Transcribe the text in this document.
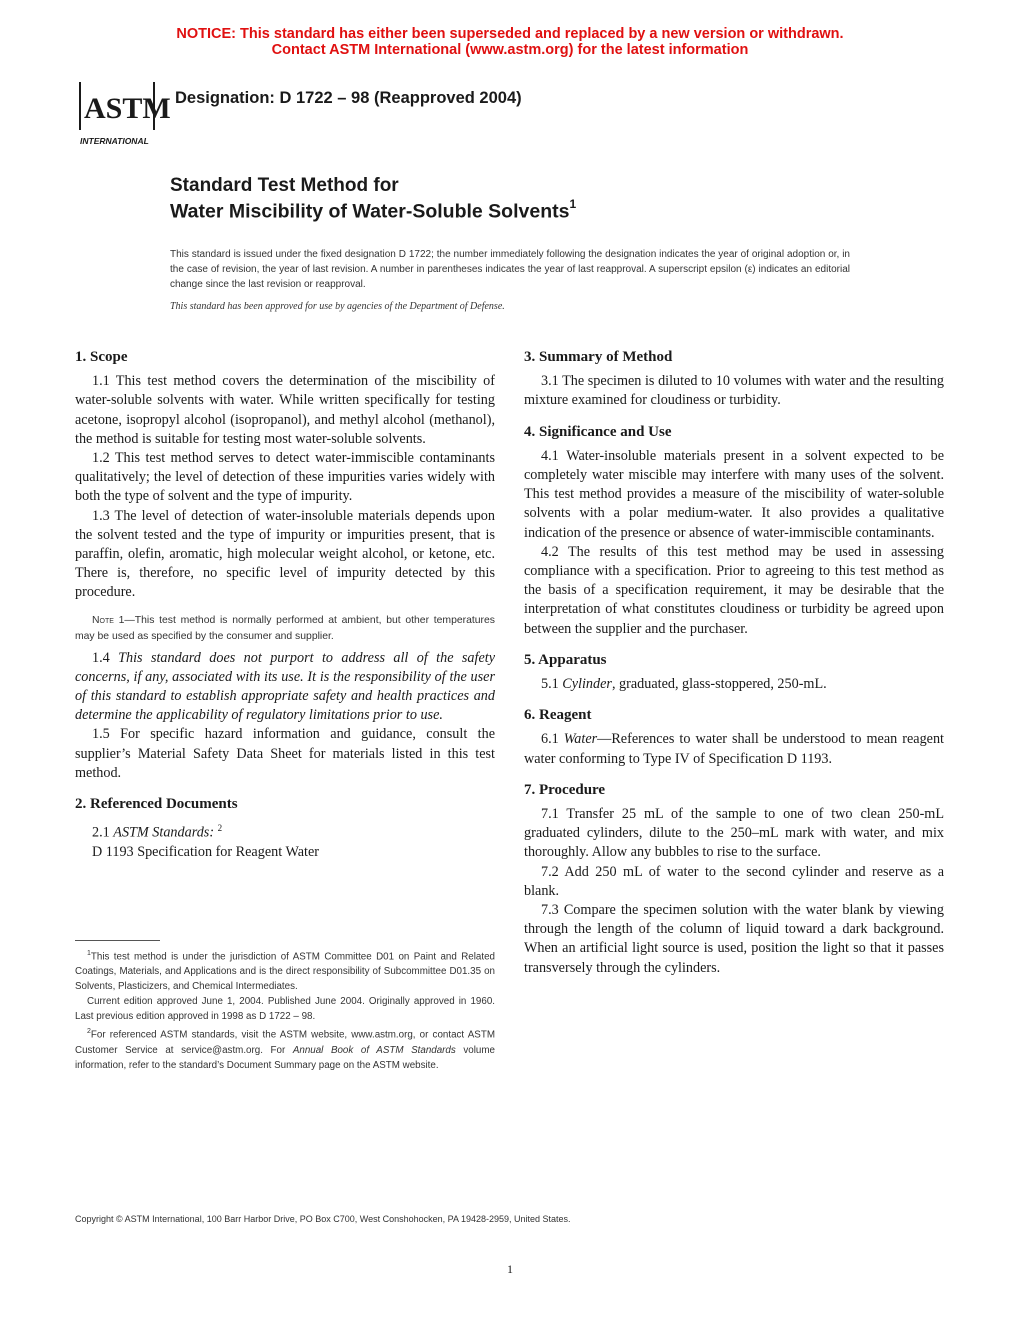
NOTICE: This standard has either been superseded and replaced by a new version or withdrawn.
Contact ASTM International (www.astm.org) for the latest information
ASTM
INTERNATIONAL
Designation: D 1722 – 98 (Reapproved 2004)
Standard Test Method for
Water Miscibility of Water-Soluble Solvents$^1$
This standard is issued under the fixed designation D 1722; the number immediately following the designation indicates the year of original adoption or, in the case of revision, the year of last revision. A number in parentheses indicates the year of last reapproval. A superscript epsilon (ε) indicates an editorial change since the last revision or reapproval.
This standard has been approved for use by agencies of the Department of Defense.

1. Scope

1.1 This test method covers the determination of the miscibility of water-soluble solvents with water. While written specifically for testing acetone, isopropyl alcohol (isopropanol), and methyl alcohol (methanol), the method is suitable for testing most water-soluble solvents.

1.2 This test method serves to detect water-immiscible contaminants qualitatively; the level of detection of these impurities varies widely with both the type of solvent and the type of impurity.

1.3 The level of detection of water-insoluble materials depends upon the solvent tested and the type of impurity or impurities present, that is paraffin, olefin, aromatic, high molecular weight alcohol, or ketone, etc. There is, therefore, no specific level of impurity detected by this procedure.

Note 1—This test method is normally performed at ambient, but other temperatures may be used as specified by the consumer and supplier.

1.4 This standard does not purport to address all of the safety concerns, if any, associated with its use. It is the responsibility of the user of this standard to establish appropriate safety and health practices and determine the applicability of regulatory limitations prior to use.

1.5 For specific hazard information and guidance, consult the supplier’s Material Safety Data Sheet for materials listed in this test method.

2. Referenced Documents

2.1 ASTM Standards: $^2$

D 1193 Specification for Reagent Water

$^1$This test method is under the jurisdiction of ASTM Committee D01 on Paint and Related Coatings, Materials, and Applications and is the direct responsibility of Subcommittee D01.35 on Solvents, Plasticizers, and Chemical Intermediates.

Current edition approved June 1, 2004. Published June 2004. Originally approved in 1960. Last previous edition approved in 1998 as D 1722 – 98.

$^2$For referenced ASTM standards, visit the ASTM website, www.astm.org, or contact ASTM Customer Service at service@astm.org. For Annual Book of ASTM Standards volume information, refer to the standard’s Document Summary page on the ASTM website.

3. Summary of Method

3.1 The specimen is diluted to 10 volumes with water and the resulting mixture examined for cloudiness or turbidity.

4. Significance and Use

4.1 Water-insoluble materials present in a solvent expected to be completely water miscible may interfere with many uses of the solvent. This test method provides a measure of the miscibility of water-soluble solvents with a polar medium-water. It also provides a qualitative indication of the presence or absence of water-immiscible contaminants.

4.2 The results of this test method may be used in assessing compliance with a specification. Prior to agreeing to this test method as the basis of a specification requirement, it may be desirable that the interpretation of what constitutes cloudiness or turbidity be agreed upon between the supplier and the purchaser.

5. Apparatus

5.1 Cylinder, graduated, glass-stoppered, 250-mL.

6. Reagent

6.1 Water—References to water shall be understood to mean reagent water conforming to Type IV of Specification D 1193.

7. Procedure

7.1 Transfer 25 mL of the sample to one of two clean 250-mL graduated cylinders, dilute to the 250–mL mark with water, and mix thoroughly. Allow any bubbles to rise to the surface.

7.2 Add 250 mL of water to the second cylinder and reserve as a blank.

7.3 Compare the specimen solution with the water blank by viewing through the length of the column of liquid toward a dark background. When an artificial light source is used, position the light so that it passes transversely through the cylinders.

Copyright © ASTM International, 100 Barr Harbor Drive, PO Box C700, West Conshohocken, PA 19428-2959, United States.
1
